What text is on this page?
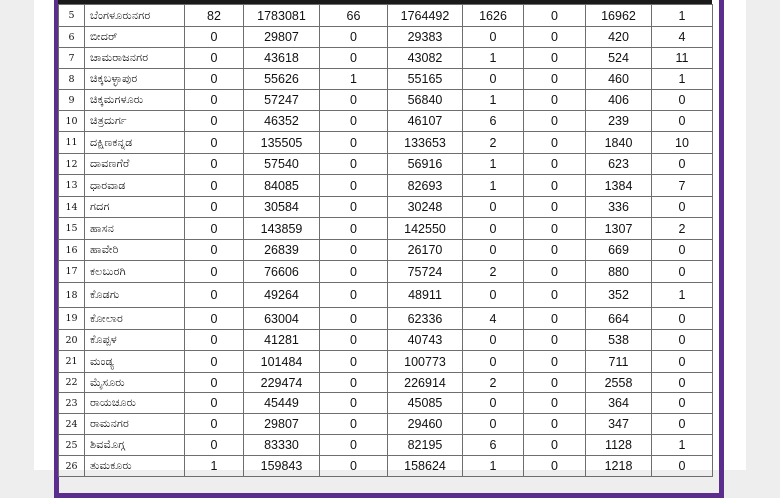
5	ಬೆಂಗಳೂರುನಗರ	82	1783081	66	1764492	1626	0	16962	1
6	ಬೀದರ್	0	29807	0	29383	0	0	420	4
7	ಚಾಮರಾಜನಗರ	0	43618	0	43082	1	0	524	11
8	ಚಿಕ್ಕಬಳ್ಳಾಪುರ	0	55626	1	55165	0	0	460	1
9	ಚಿಕ್ಕಮಗಳೂರು	0	57247	0	56840	1	0	406	0
10	ಚಿತ್ರದುರ್ಗ	0	46352	0	46107	6	0	239	0
11	ದಕ್ಷಿಣಕನ್ನಡ	0	135505	0	133653	2	0	1840	10
12	ದಾವಣಗೆರೆ	0	57540	0	56916	1	0	623	0
13	ಧಾರವಾಡ	0	84085	0	82693	1	0	1384	7
14	ಗದಗ	0	30584	0	30248	0	0	336	0
15	ಹಾಸನ	0	143859	0	142550	0	0	1307	2
16	ಹಾವೇರಿ	0	26839	0	26170	0	0	669	0
17	ಕಲಬುರಗಿ	0	76606	0	75724	2	0	880	0
18	ಕೊಡಗು	0	49264	0	48911	0	0	352	1
19	ಕೋಲಾರ	0	63004	0	62336	4	0	664	0
20	ಕೊಪ್ಪಳ	0	41281	0	40743	0	0	538	0
21	ಮಂಡ್ಯ	0	101484	0	100773	0	0	711	0
22	ಮೈಸೂರು	0	229474	0	226914	2	0	2558	0
23	ರಾಯಚೂರು	0	45449	0	45085	0	0	364	0
24	ರಾಮನಗರ	0	29807	0	29460	0	0	347	0
25	ಶಿವಮೊಗ್ಗ	0	83330	0	82195	6	0	1128	1
26	ತುಮಕೂರು	1	159843	0	158624	1	0	1218	0
